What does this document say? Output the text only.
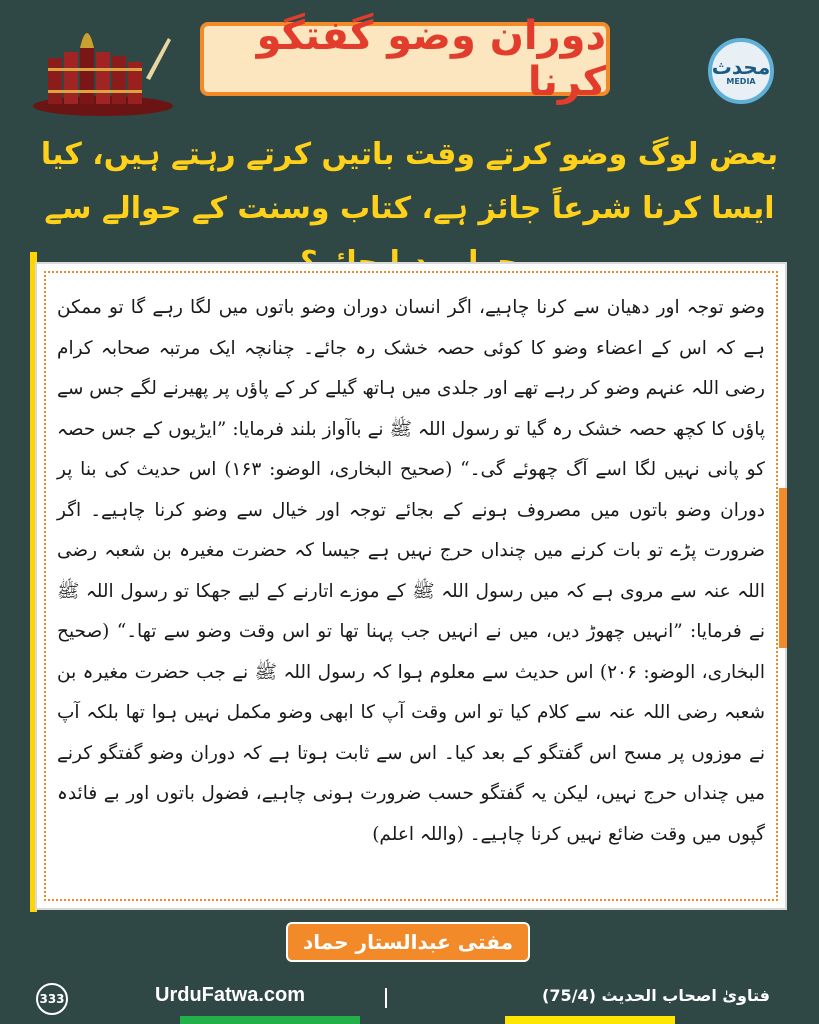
دوران وضو گفتگو کرنا	محدث
MEDIA
بعض لوگ وضو کرتے وقت باتیں کرتے رہتے ہیں، کیا ایسا کرنا شرعاً جائز ہے، کتاب وسنت کے حوالے سے
وضو توجہ اور دھیان سے کرنا چاہیے، اگر انسان دوران وضو باتوں میں لگا رہے گا تو ممکن ہے کہ اس کے اعضاء وضو کا کوئی حصہ خشک رہ جائے۔ چنانچہ ایک مرتبہ صحابہ کرام رضی اللہ عنہم وضو کر رہے تھے اور جلدی میں ہاتھ گیلے کر کے پاؤں پر پھیرنے لگے جس سے پاؤں کا کچھ حصہ خشک رہ گیا تو رسول اللہ ﷺ نے باآواز بلند فرمایا: ”ایڑیوں کے جس حصہ کو پانی نہیں لگا اسے آگ چھوئے گی۔“ (صحیح البخاری، الوضو: ۱۶۳) اس حدیث کی بنا پر دوران وضو باتوں میں مصروف ہونے کے بجائے توجہ اور خیال سے وضو کرنا چاہیے۔ اگر ضرورت پڑے تو بات کرنے میں چنداں حرج نہیں ہے جیسا کہ حضرت مغیرہ بن شعبہ رضی اللہ عنہ سے مروی ہے کہ میں رسول اللہ ﷺ کے موزے اتارنے کے لیے جھکا تو رسول اللہ ﷺ نے فرمایا: ”انہیں چھوڑ دیں، میں نے انہیں جب پہنا تھا تو اس وقت وضو سے تھا۔“ (صحیح البخاری، الوضو: ۲۰۶) اس حدیث سے معلوم ہوا کہ رسول اللہ ﷺ نے جب حضرت مغیرہ بن شعبہ رضی اللہ عنہ سے کلام کیا تو اس وقت آپ کا ابھی وضو مکمل نہیں ہوا تھا بلکہ آپ نے موزوں پر مسح اس گفتگو کے بعد کیا۔ اس سے ثابت ہوتا ہے کہ دوران وضو گفتگو کرنے میں چنداں حرج نہیں، لیکن یہ گفتگو حسب ضرورت ہونی چاہیے، فضول باتوں اور بے فائدہ گپوں میں وقت ضائع نہیں کرنا چاہیے۔ (واللہ اعلم)
مفتی عبدالستار حماد
333	UrduFatwa.com	فتاویٰ اصحاب الحدیث (75/4)
